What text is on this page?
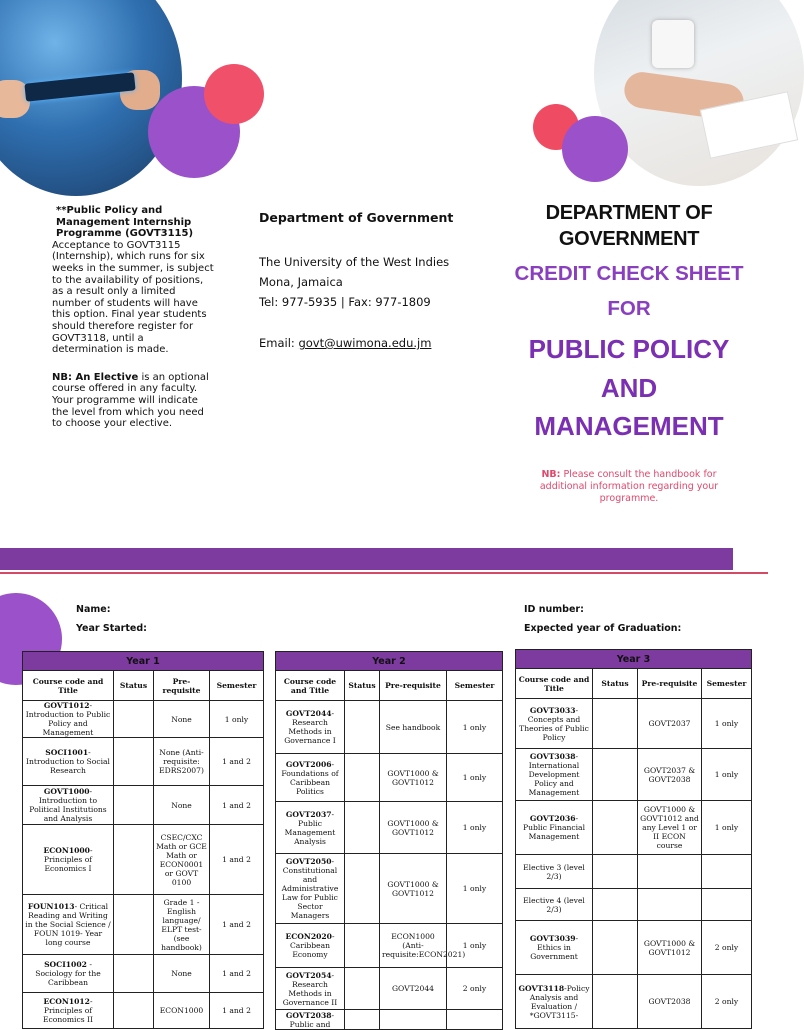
**Public Policy and Management Internship Programme (GOVT3115)
Acceptance to GOVT3115 (Internship), which runs for six weeks in the summer, is subject to the availability of positions, as a result only a limited number of students will have this option. Final year students should therefore register for GOVT3118, until a determination is made.
NB: An Elective is an optional course offered in any faculty. Your programme will indicate the level from which you need to choose your elective.
Department of Government
The University of the West Indies
Mona, Jamaica
Tel: 977-5935 | Fax: 977-1809
Email: govt@uwimona.edu.jm
DEPARTMENT OF
GOVERNMENT
CREDIT CHECK SHEET
FOR
PUBLIC POLICY
AND
MANAGEMENT
NB: Please consult the handbook for additional information regarding your programme.
Name:
Year Started:
ID number:
Expected year of Graduation:
Year 1			
Course code and Title	Status	Pre-requisite	Semester
GOVT1012-Introduction to Public Policy and Management		None	1 only
SOCI1001-Introduction to Social Research		None (Anti-requisite: EDRS2007)	1 and 2
GOVT1000-Introduction to Political Institutions and Analysis		None	1 and 2
ECON1000-Principles of Economics I		CSEC/CXC Math or GCE Math or ECON0001 or GOVT 0100	1 and 2
FOUN1013- Critical Reading and Writing in the Social Science / FOUN 1019- Year long course		Grade 1 - English language/ ELPT test- (see handbook)	1 and 2
SOCI1002 - Sociology for the Caribbean		None	1 and 2
ECON1012-Principles of Economics II		ECON1000	1 and 2
Year 2			
Course code and Title	Status	Pre-requisite	Semester
GOVT2044-Research Methods in Governance I		See handbook	1 only
GOVT2006-Foundations of Caribbean Politics		GOVT1000 & GOVT1012	1 only
GOVT2037-Public Management Analysis		GOVT1000 & GOVT1012	1 only
GOVT2050-Constitutional and Administrative Law for Public Sector Managers		GOVT1000 & GOVT1012	1 only
ECON2020-Caribbean Economy		ECON1000 (Anti-requisite:ECON2021)	1 only
GOVT2054-Research Methods in Governance II		GOVT2044	2 only
GOVT2038-Public and			
Year 3			
Course code and Title	Status	Pre-requisite	Semester
GOVT3033-Concepts and Theories of Public Policy		GOVT2037	1 only
GOVT3038-International Development Policy and Management		GOVT2037 & GOVT2038	1 only
GOVT2036-Public Financial Management		GOVT1000 & GOVT1012 and any Level 1 or II ECON course	1 only
Elective 3 (level 2/3)			
Elective 4 (level 2/3)			
GOVT3039-Ethics in Government		GOVT1000 & GOVT1012	2 only
GOVT3118-Policy Analysis and Evaluation / *GOVT3115-		GOVT2038	2 only
